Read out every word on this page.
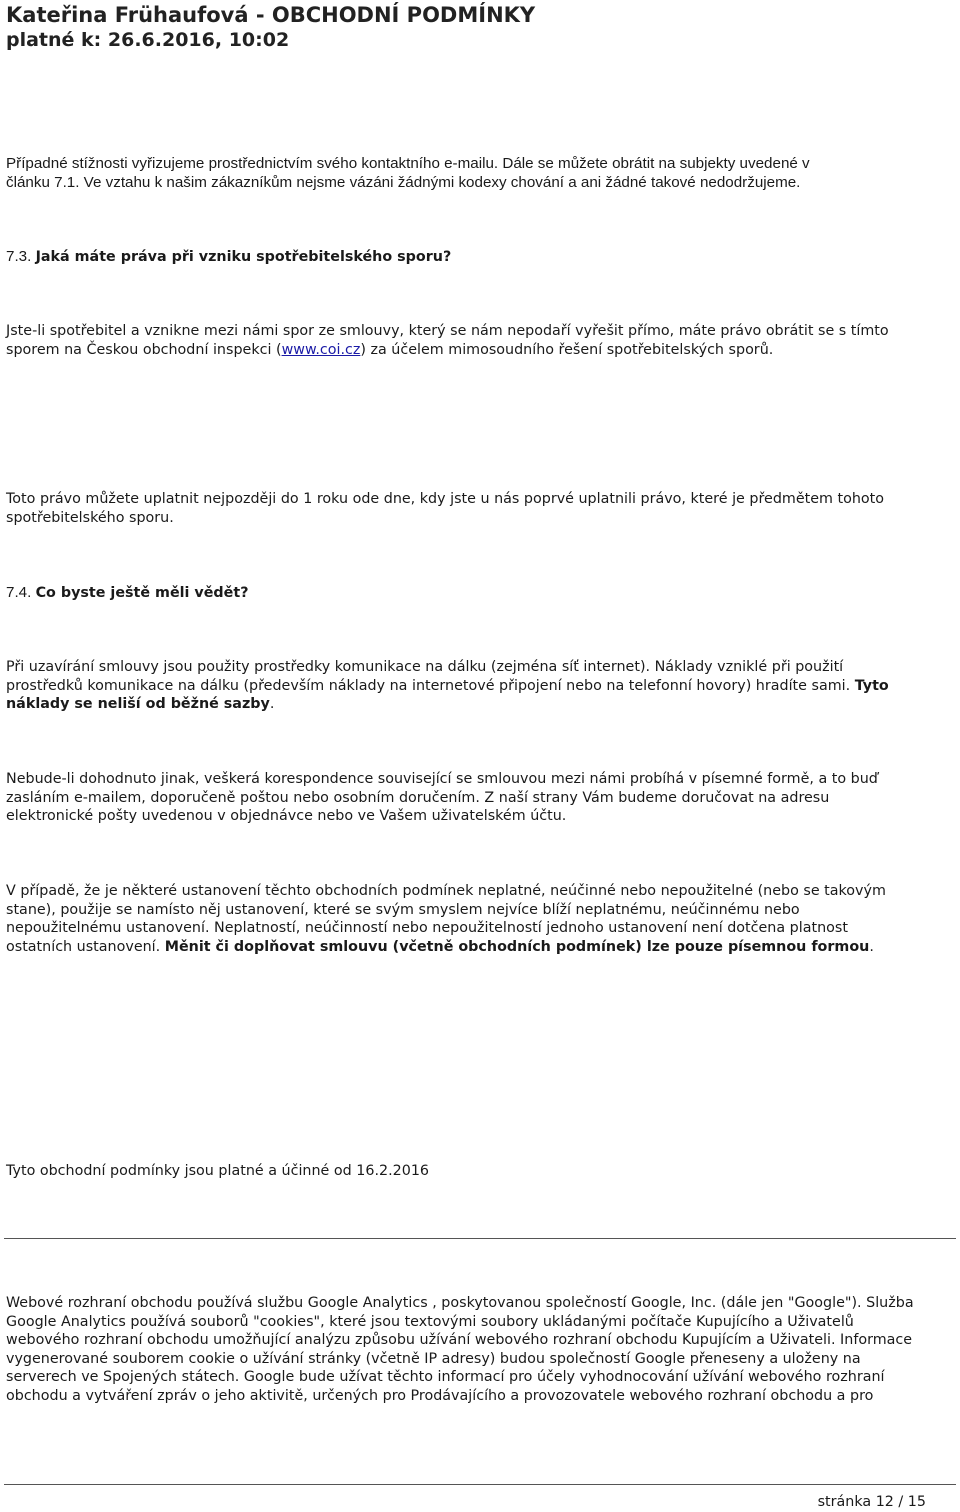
Kateřina Frühaufová - OBCHODNÍ PODMÍNKY
platné k: 26.6.2016, 10:02
Případné stížnosti vyřizujeme prostřednictvím svého kontaktního e-mailu. Dále se můžete obrátit na subjekty uvedené v
článku 7.1. Ve vztahu k našim zákazníkům nejsme vázáni žádnými kodexy chování a ani žádné takové nedodržujeme.
7.3. Jaká máte práva při vzniku spotřebitelského sporu?
Jste-li spotřebitel a vznikne mezi námi spor ze smlouvy, který se nám nepodaří vyřešit přímo, máte právo obrátit se s tímto
sporem na Českou obchodní inspekci (www.coi.cz) za účelem mimosoudního řešení spotřebitelských sporů.
Toto právo můžete uplatnit nejpozději do 1 roku ode dne, kdy jste u nás poprvé uplatnili právo, které je předmětem tohoto
spotřebitelského sporu.
7.4. Co byste ještě měli vědět?
Při uzavírání smlouvy jsou použity prostředky komunikace na dálku (zejména síť internet). Náklady vzniklé při použití
prostředků komunikace na dálku (především náklady na internetové připojení nebo na telefonní hovory) hradíte sami. Tyto
náklady se neliší od běžné sazby.
Nebude-li dohodnuto jinak, veškerá korespondence související se smlouvou mezi námi probíhá v písemné formě, a to buď
zasláním e-mailem, doporučeně poštou nebo osobním doručením. Z naší strany Vám budeme doručovat na adresu
elektronické pošty uvedenou v objednávce nebo ve Vašem uživatelském účtu.
V případě, že je některé ustanovení těchto obchodních podmínek neplatné, neúčinné nebo nepoužitelné (nebo se takovým
stane), použije se namísto něj ustanovení, které se svým smyslem nejvíce blíží neplatnému, neúčinnému nebo
nepoužitelnému ustanovení. Neplatností, neúčinností nebo nepoužitelností jednoho ustanovení není dotčena platnost
ostatních ustanovení. Měnit či doplňovat smlouvu (včetně obchodních podmínek) lze pouze písemnou formou.
Tyto obchodní podmínky jsou platné a účinné od 16.2.2016
Webové rozhraní obchodu používá službu Google Analytics , poskytovanou společností Google, Inc. (dále jen "Google"). Služba
Google Analytics používá souborů "cookies", které jsou textovými soubory ukládanými počítače Kupujícího a Uživatelů
webového rozhraní obchodu umožňující analýzu způsobu užívání webového rozhraní obchodu Kupujícím a Uživateli. Informace
vygenerované souborem cookie o užívání stránky (včetně IP adresy) budou společností Google přeneseny a uloženy na
serverech ve Spojených státech. Google bude užívat těchto informací pro účely vyhodnocování užívání webového rozhraní
obchodu a vytváření zpráv o jeho aktivitě, určených pro Prodávajícího a provozovatele webového rozhraní obchodu a pro
stránka 12 / 15
